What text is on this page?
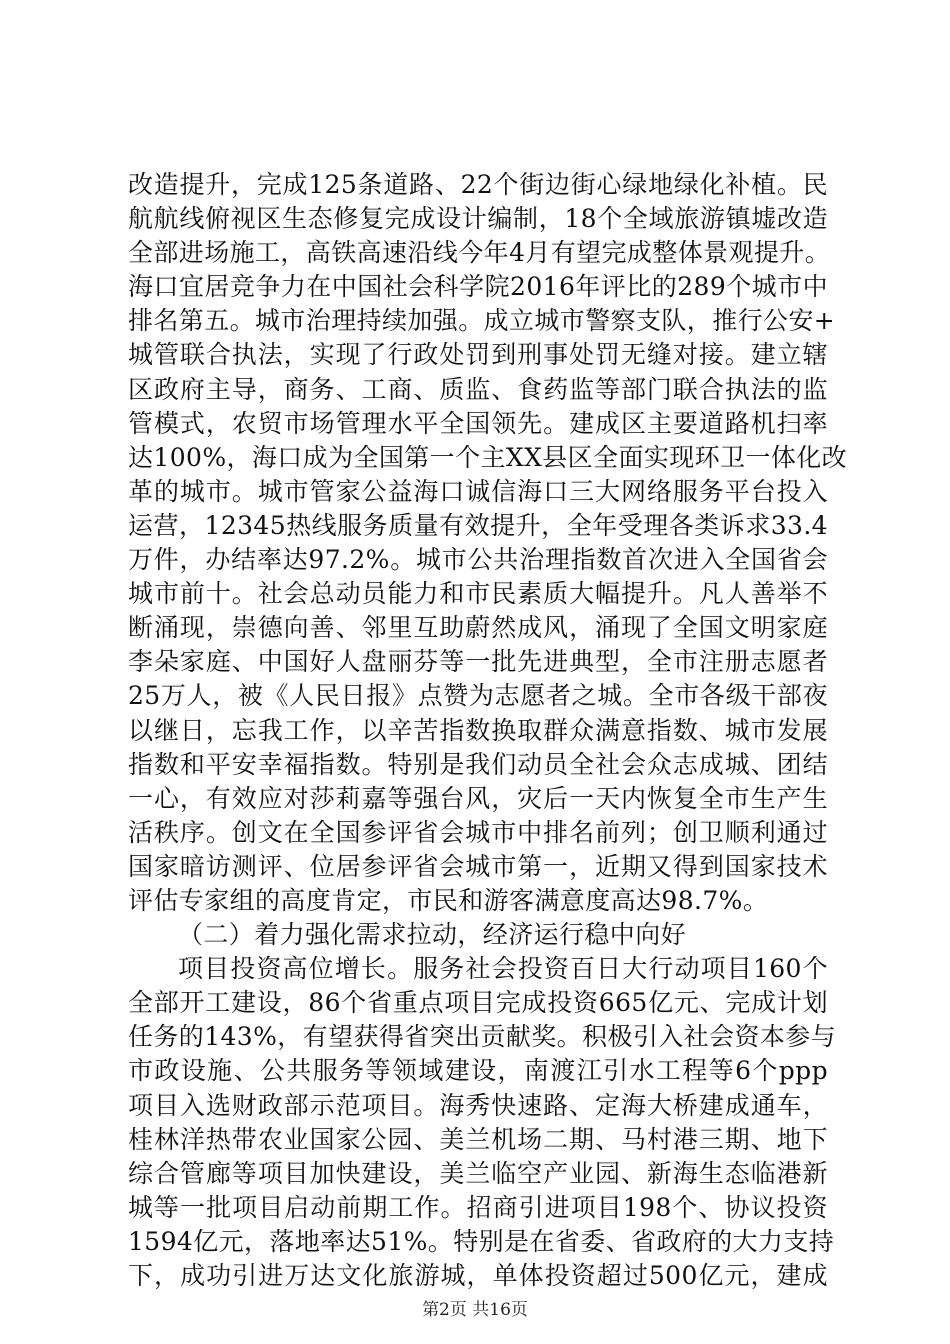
改造提升，完成125条道路、22个街边街心绿地绿化补植。民
航航线俯视区生态修复完成设计编制，18个全域旅游镇墟改造
全部进场施工，高铁高速沿线今年4月有望完成整体景观提升。
海口宜居竞争力在中国社会科学院2016年评比的289个城市中
排名第五。城市治理持续加强。成立城市警察支队，推行公安+
城管联合执法，实现了行政处罚到刑事处罚无缝对接。建立辖
区政府主导，商务、工商、质监、食药监等部门联合执法的监
管模式，农贸市场管理水平全国领先。建成区主要道路机扫率
达100%，海口成为全国第一个主XX县区全面实现环卫一体化改
革的城市。城市管家公益海口诚信海口三大网络服务平台投入
运营，12345热线服务质量有效提升，全年受理各类诉求33.4
万件，办结率达97.2%。城市公共治理指数首次进入全国省会
城市前十。社会总动员能力和市民素质大幅提升。凡人善举不
断涌现，崇德向善、邻里互助蔚然成风，涌现了全国文明家庭
李朵家庭、中国好人盘丽芬等一批先进典型，全市注册志愿者
25万人，被《人民日报》点赞为志愿者之城。全市各级干部夜
以继日，忘我工作，以辛苦指数换取群众满意指数、城市发展
指数和平安幸福指数。特别是我们动员全社会众志成城、团结
一心，有效应对莎莉嘉等强台风，灾后一天内恢复全市生产生
活秩序。创文在全国参评省会城市中排名前列；创卫顺利通过
国家暗访测评、位居参评省会城市第一，近期又得到国家技术
评估专家组的高度肯定，市民和游客满意度高达98.7%。
（二）着力强化需求拉动，经济运行稳中向好
项目投资高位增长。服务社会投资百日大行动项目160个
全部开工建设，86个省重点项目完成投资665亿元、完成计划
任务的143%，有望获得省突出贡献奖。积极引入社会资本参与
市政设施、公共服务等领域建设，南渡江引水工程等6个ppp
项目入选财政部示范项目。海秀快速路、定海大桥建成通车，
桂林洋热带农业国家公园、美兰机场二期、马村港三期、地下
综合管廊等项目加快建设，美兰临空产业园、新海生态临港新
城等一批项目启动前期工作。招商引进项目198个、协议投资
1594亿元，落地率达51%。特别是在省委、省政府的大力支持
下，成功引进万达文化旅游城，单体投资超过500亿元，建成
第2页 共16页
